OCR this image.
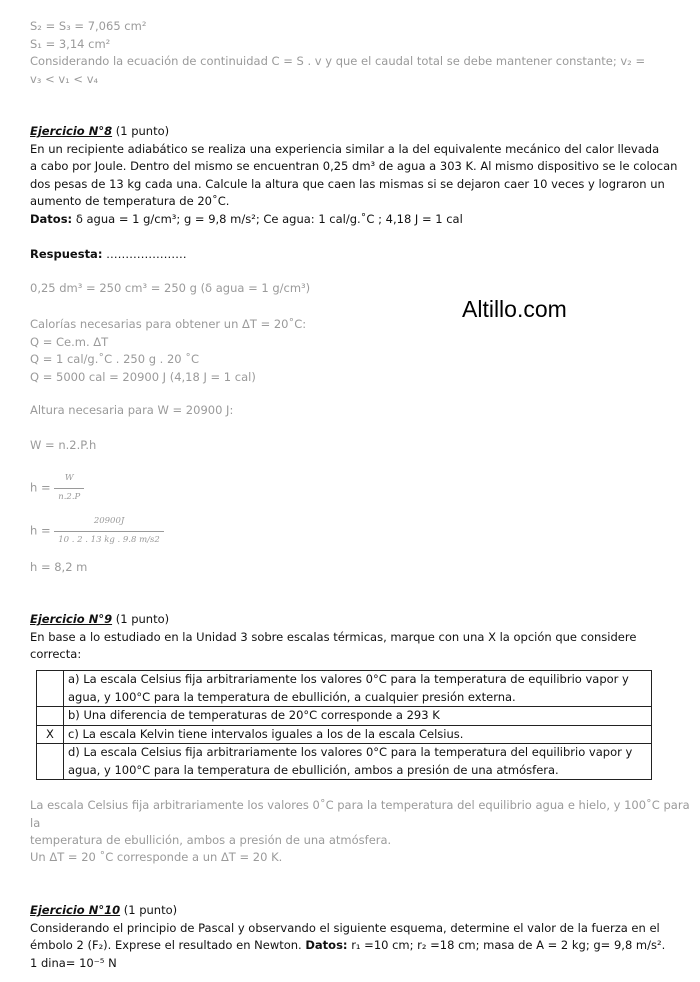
S₂ = S₃ = 7,065 cm²
S₁ = 3,14 cm²
Considerando la ecuación de continuidad C = S . v y que el caudal total se debe mantener constante; v₂ =
v₃ < v₁ < v₄
Ejercicio N°8 (1 punto)
En un recipiente adiabático se realiza una experiencia similar a la del equivalente mecánico del calor llevada
a cabo por Joule. Dentro del mismo se encuentran 0,25 dm³ de agua a 303 K. Al mismo dispositivo se le colocan
dos pesas de 13 kg cada una. Calcule la altura que caen las mismas si se dejaron caer 10 veces y lograron un
aumento de temperatura de 20˚C.
Datos: δ agua = 1 g/cm³; g = 9,8 m/s²; Ce agua: 1 cal/g.˚C ; 4,18 J = 1 cal
Respuesta: …………………
0,25 dm³ = 250 cm³ = 250 g (δ agua = 1 g/cm³)
Calorías necesarias para obtener un ΔT = 20˚C:
Q = Ce.m. ΔT
Q = 1 cal/g.˚C . 250 g . 20 ˚C
Q = 5000 cal = 20900 J (4,18 J = 1 cal)
Altura necesaria para W = 20900 J:
W = n.2.P.h
$h = \frac{W}{n.2.P}$
$h = \frac{20900J}{10 . 2 . 13 kg . 9.8 m/s2}$
h = 8,2 m
Altillo.com
Ejercicio N°9 (1 punto)
En base a lo estudiado en la Unidad 3 sobre escalas térmicas, marque con una X la opción que considere
correcta:
	a) La escala Celsius fija arbitrariamente los valores 0°C para la temperatura de equilibrio vapor y agua, y 100°C para la temperatura de ebullición, a cualquier presión externa.
	b) Una diferencia de temperaturas de 20°C corresponde a 293 K
X	c) La escala Kelvin tiene intervalos iguales a los de la escala Celsius.
	d) La escala Celsius fija arbitrariamente los valores 0°C para la temperatura del equilibrio vapor y agua, y 100°C para la temperatura de ebullición, ambos a presión de una atmósfera.
La escala Celsius fija arbitrariamente los valores 0˚C para la temperatura del equilibrio agua e hielo, y 100˚C para la
temperatura de ebullición, ambos a presión de una atmósfera.
Un ΔT = 20 ˚C corresponde a un ΔT = 20 K.
Ejercicio N°10 (1 punto)
Considerando el principio de Pascal y observando el siguiente esquema, determine el valor de la fuerza en el
émbolo 2 (F₂). Exprese el resultado en Newton. Datos: r₁ =10 cm; r₂ =18 cm; masa de A = 2 kg; g= 9,8 m/s².
1 dina= 10⁻⁵ N
